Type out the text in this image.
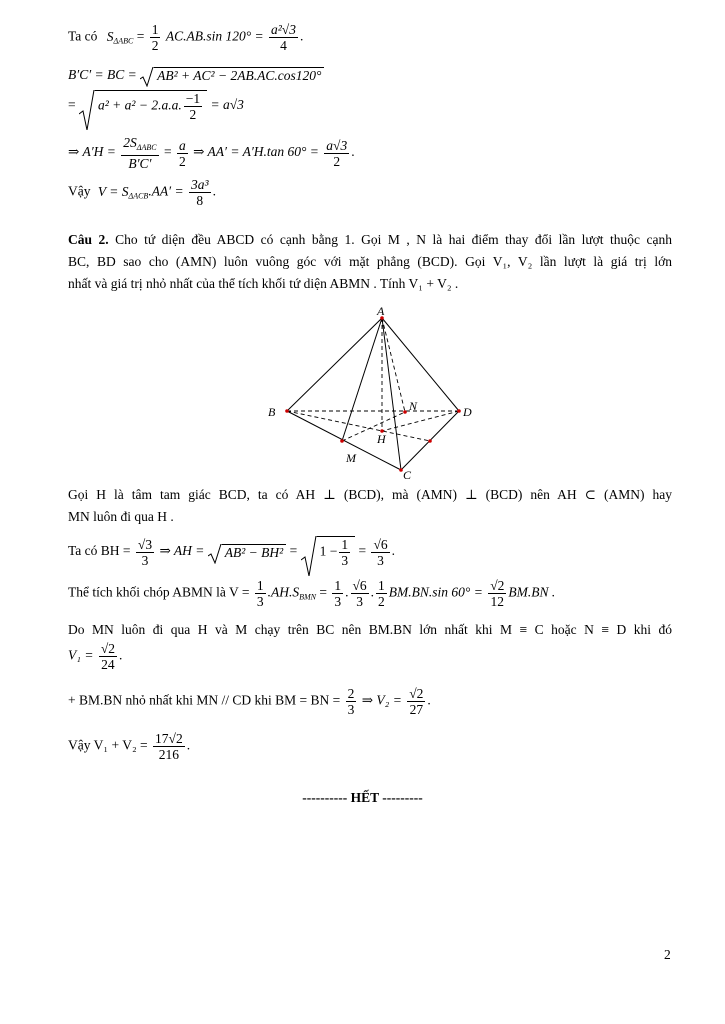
Ta có $S_{\Delta ABC} = \frac{1}{2} AC.AB.\sin$ $120^\circ = \frac{\text{a²√3}}{4}$ .
B′C′ = BC = AB² + AC² − 2AB.AC.cos120°
= a² + a² − 2.a.a. $\frac{-1}{2} = a√3$
⇒ $A'H = \frac{2S_{\Delta ABC}}{B'C'} = \frac{a}{2}$ ⇒ AA′ = A′H.tan $60^\circ = \frac{a√3}{2}$ .
Vậy $V = S_{\Delta ACB}.AA' = \frac{\text{3a³}}{8}$ .
Câu 2. Cho tứ diện đều ABCD có cạnh bằng 1. Gọi M , N là hai điểm thay đổi lần lượt thuộc cạnh
BC, BD sao cho (AMN) luôn vuông góc với mặt phẳng (BCD). Gọi V₁, V₂ lần lượt là giá trị lớn
nhất và giá trị nhỏ nhất của thể tích khối tứ diện ABMN . Tính V₁ + V₂ .
A
B	D
C
M
N
H
Gọi H là tâm tam giác BCD, ta có AH ⊥ (BCD), mà (AMN) ⊥ (BCD) nên AH ⊂ (AMN) hay
MN luôn đi qua H .
Ta có BH = $\frac{√3}{3}$ ⇒ AH = $AB^2 - BH^2 = 1 - \frac{1}{3} = \frac{√6}{3}$ .
Thể tích khối chóp ABMN là $V = \frac{1}{3} .AH.S_{BMN} = \frac{1}{3}$ . $\frac{√6}{3}$ . $\frac{1}{2} BM.BN.\sin$ $60^\circ = \frac{√2}{12} BM.BN$ .
Do MN luôn đi qua H và M chạy trên BC nên BM.BN lớn nhất khi M ≡ C hoặc N ≡ D khi đó
$V_1 = \frac{√2}{24}$ .
+ BM.BN nhỏ nhất khi MN // CD khi BM = BN = $\frac{2}{3}$ ⇒ $V_2 = \frac{√2}{27}$ .
Vậy $V_1 + V_2 = \frac{17√2}{216}$ .
---------- HẾT ---------
2
